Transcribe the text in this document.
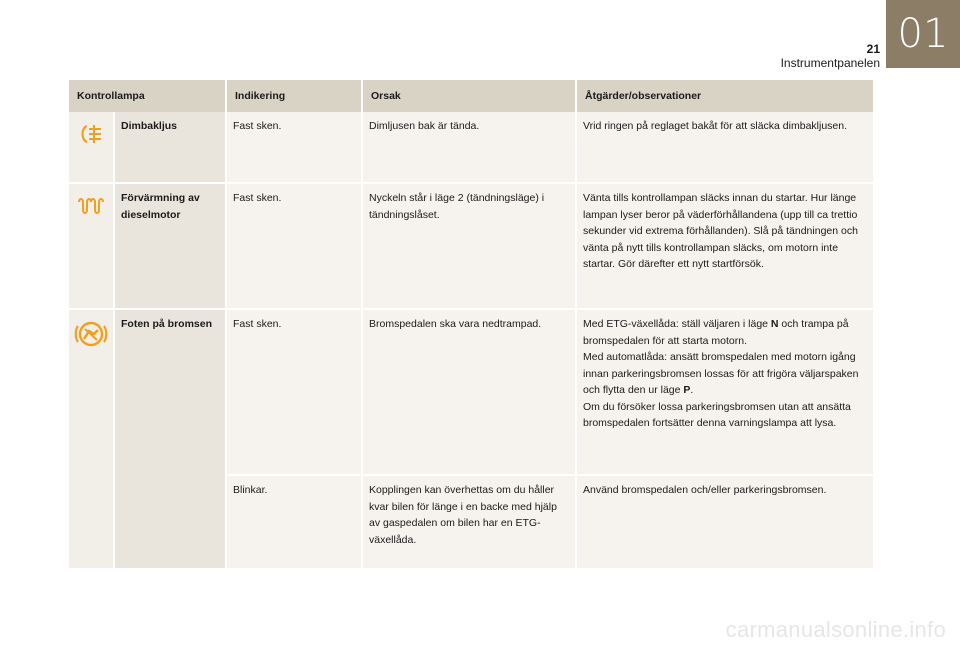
01
21
Instrumentpanelen
Kontrollampa		Indikering	Orsak	Åtgärder/observationer
	Dimbakljus	Fast sken.	Dimljusen bak är tända.	Vrid ringen på reglaget bakåt för att släcka dimbakljusen.
	Förvärmning av dieselmotor	Fast sken.	Nyckeln står i läge 2 (tändningsläge) i tändningslåset.	Vänta tills kontrollampan släcks innan du startar. Hur länge lampan lyser beror på väderförhållandena (upp till ca trettio sekunder vid extrema förhållanden). Slå på tändningen och vänta på nytt tills kontrollampan släcks, om motorn inte startar. Gör därefter ett nytt startförsök.
	Foten på bromsen	Fast sken.	Bromspedalen ska vara nedtrampad.	Med ETG-växellåda: ställ väljaren i läge N och trampa på bromspedalen för att starta motorn.
Med automatlåda: ansätt bromspedalen med motorn igång innan parkeringsbromsen lossas för att frigöra väljarspaken och flytta den ur läge P.
Om du försöker lossa parkeringsbromsen utan att ansätta bromspedalen fortsätter denna varningslampa att lysa.

		Blinkar.	Kopplingen kan överhettas om du håller kvar bilen för länge i en backe med hjälp av gaspedalen om bilen har en ETG-växellåda.	Använd bromspedalen och/eller parkeringsbromsen.
carmanualsonline.info
